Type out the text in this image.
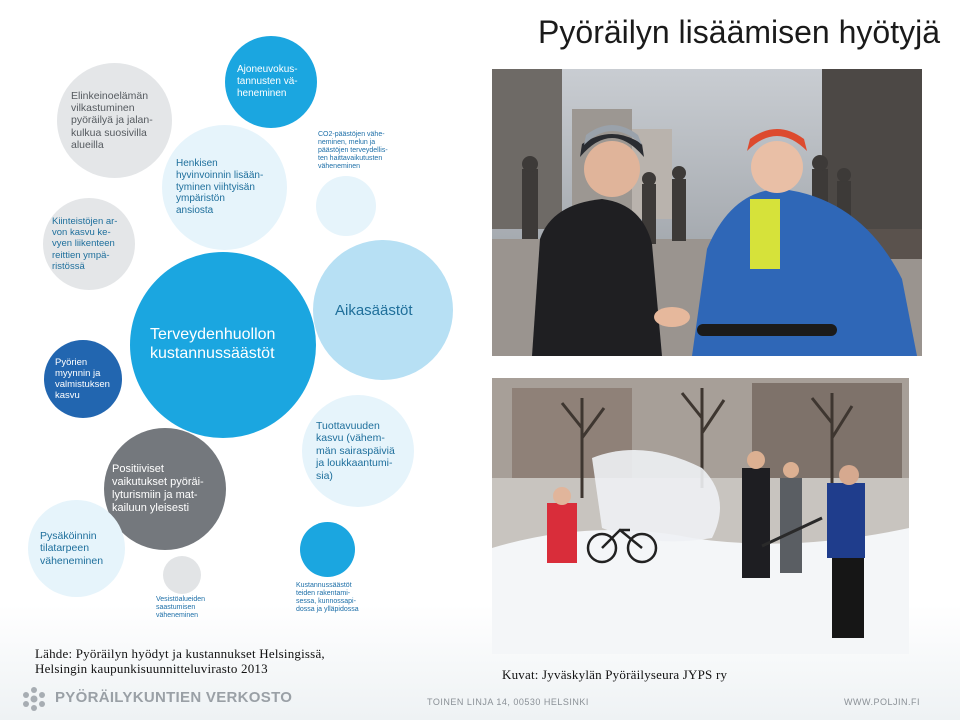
Pyöräilyn lisäämisen hyötyjä
Elinkeinoelämän
vilkastuminen
pyöräilyä ja jalan-
kulkua suosivilla
alueilla
Ajoneuvokus-
tannusten vä-
heneminen
Henkisen
hyvinvoinnin lisään-
tyminen viihtyisän
ympäristön
ansiosta
CO2-päästöjen vähe-
neminen, melun ja
päästöjen terveydellis-
ten haittavaikutusten
väheneminen
Kiinteistöjen ar-
von kasvu ke-
vyen liikenteen
reittien ympä-
ristössä
Terveydenhuollon
kustannussäästöt
Aikasäästöt
Pyörien
myynnin ja
valmistuksen
kasvu
Tuottavuuden
kasvu (vähem-
män sairaspäiviä
ja loukkaantumi-
sia)
Positiiviset
vaikutukset pyöräi-
lyturismiin ja mat-
kailuun yleisesti
Pysäköinnin
tilatarpeen
väheneminen
Kustannussäästöt
teiden rakentami-
sessa, kunnossapi-
dossa ja ylläpidossa
Vesistöalueiden
saastumisen
väheneminen
Lähde: Pyöräilyn hyödyt ja kustannukset Helsingissä,
Helsingin kaupunkisuunnitteluvirasto 2013	Kuvat: Jyväskylän Pyöräilyseura JYPS ry
PYÖRÄILYKUNTIEN VERKOSTO	TOINEN LINJA 14, 00530 HELSINKI	WWW.POLJIN.FI
